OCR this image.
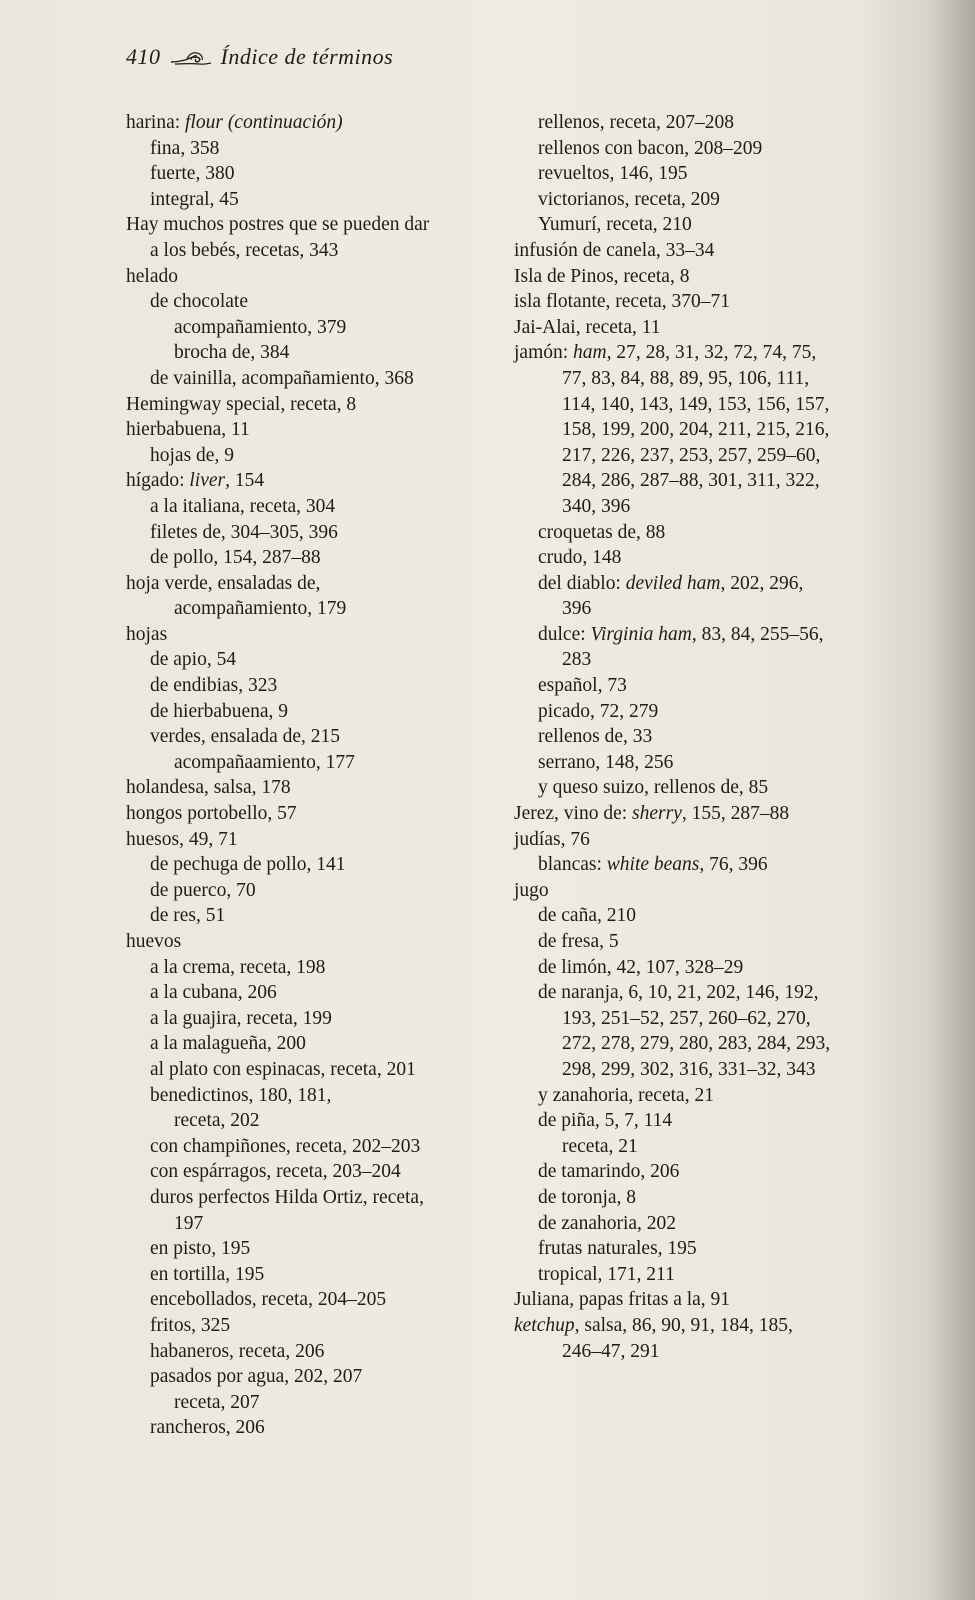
410	Índice de términos
harina: flour (continuación)
fina, 358
fuerte, 380
integral, 45
Hay muchos postres que se pueden dar
a los bebés, recetas, 343
helado
de chocolate
acompañamiento, 379
brocha de, 384
de vainilla, acompañamiento, 368
Hemingway special, receta, 8
hierbabuena, 11
hojas de, 9
hígado: liver, 154
a la italiana, receta, 304
filetes de, 304–305, 396
de pollo, 154, 287–88
hoja verde, ensaladas de,
acompañamiento, 179
hojas
de apio, 54
de endibias, 323
de hierbabuena, 9
verdes, ensalada de, 215
acompañaamiento, 177
holandesa, salsa, 178
hongos portobello, 57
huesos, 49, 71
de pechuga de pollo, 141
de puerco, 70
de res, 51
huevos
a la crema, receta, 198
a la cubana, 206
a la guajira, receta, 199
a la malagueña, 200
al plato con espinacas, receta, 201
benedictinos, 180, 181,
receta, 202
con champiñones, receta, 202–203
con espárragos, receta, 203–204
duros perfectos Hilda Ortiz, receta,
197
en pisto, 195
en tortilla, 195
encebollados, receta, 204–205
fritos, 325
habaneros, receta, 206
pasados por agua, 202, 207
receta, 207
rancheros, 206
rellenos, receta, 207–208
rellenos con bacon, 208–209
revueltos, 146, 195
victorianos, receta, 209
Yumurí, receta, 210
infusión de canela, 33–34
Isla de Pinos, receta, 8
isla flotante, receta, 370–71
Jai-Alai, receta, 11
jamón: ham, 27, 28, 31, 32, 72, 74, 75,
77, 83, 84, 88, 89, 95, 106, 111,
114, 140, 143, 149, 153, 156, 157,
158, 199, 200, 204, 211, 215, 216,
217, 226, 237, 253, 257, 259–60,
284, 286, 287–88, 301, 311, 322,
340, 396
croquetas de, 88
crudo, 148
del diablo: deviled ham, 202, 296,
396
dulce: Virginia ham, 83, 84, 255–56,
283
español, 73
picado, 72, 279
rellenos de, 33
serrano, 148, 256
y queso suizo, rellenos de, 85
Jerez, vino de: sherry, 155, 287–88
judías, 76
blancas: white beans, 76, 396
jugo
de caña, 210
de fresa, 5
de limón, 42, 107, 328–29
de naranja, 6, 10, 21, 202, 146, 192,
193, 251–52, 257, 260–62, 270,
272, 278, 279, 280, 283, 284, 293,
298, 299, 302, 316, 331–32, 343
y zanahoria, receta, 21
de piña, 5, 7, 114
receta, 21
de tamarindo, 206
de toronja, 8
de zanahoria, 202
frutas naturales, 195
tropical, 171, 211
Juliana, papas fritas a la, 91
ketchup, salsa, 86, 90, 91, 184, 185,
246–47, 291
